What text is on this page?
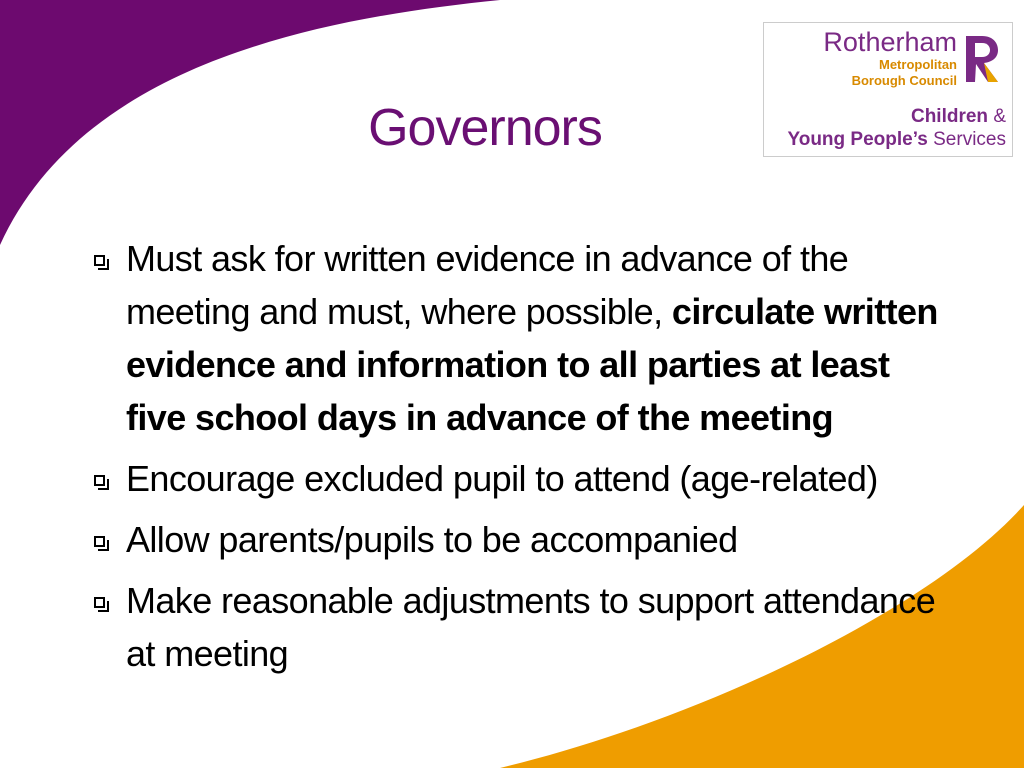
Governors
Rotherham
Metropolitan
Borough Council
Children &
Young People’s Services
Must ask for written evidence in advance of the meeting and must, where possible, circulate written evidence and information to all parties at least five school days in advance of the meeting
Encourage excluded pupil to attend (age-related)
Allow parents/pupils to be accompanied
Make reasonable adjustments to support attendance at meeting
